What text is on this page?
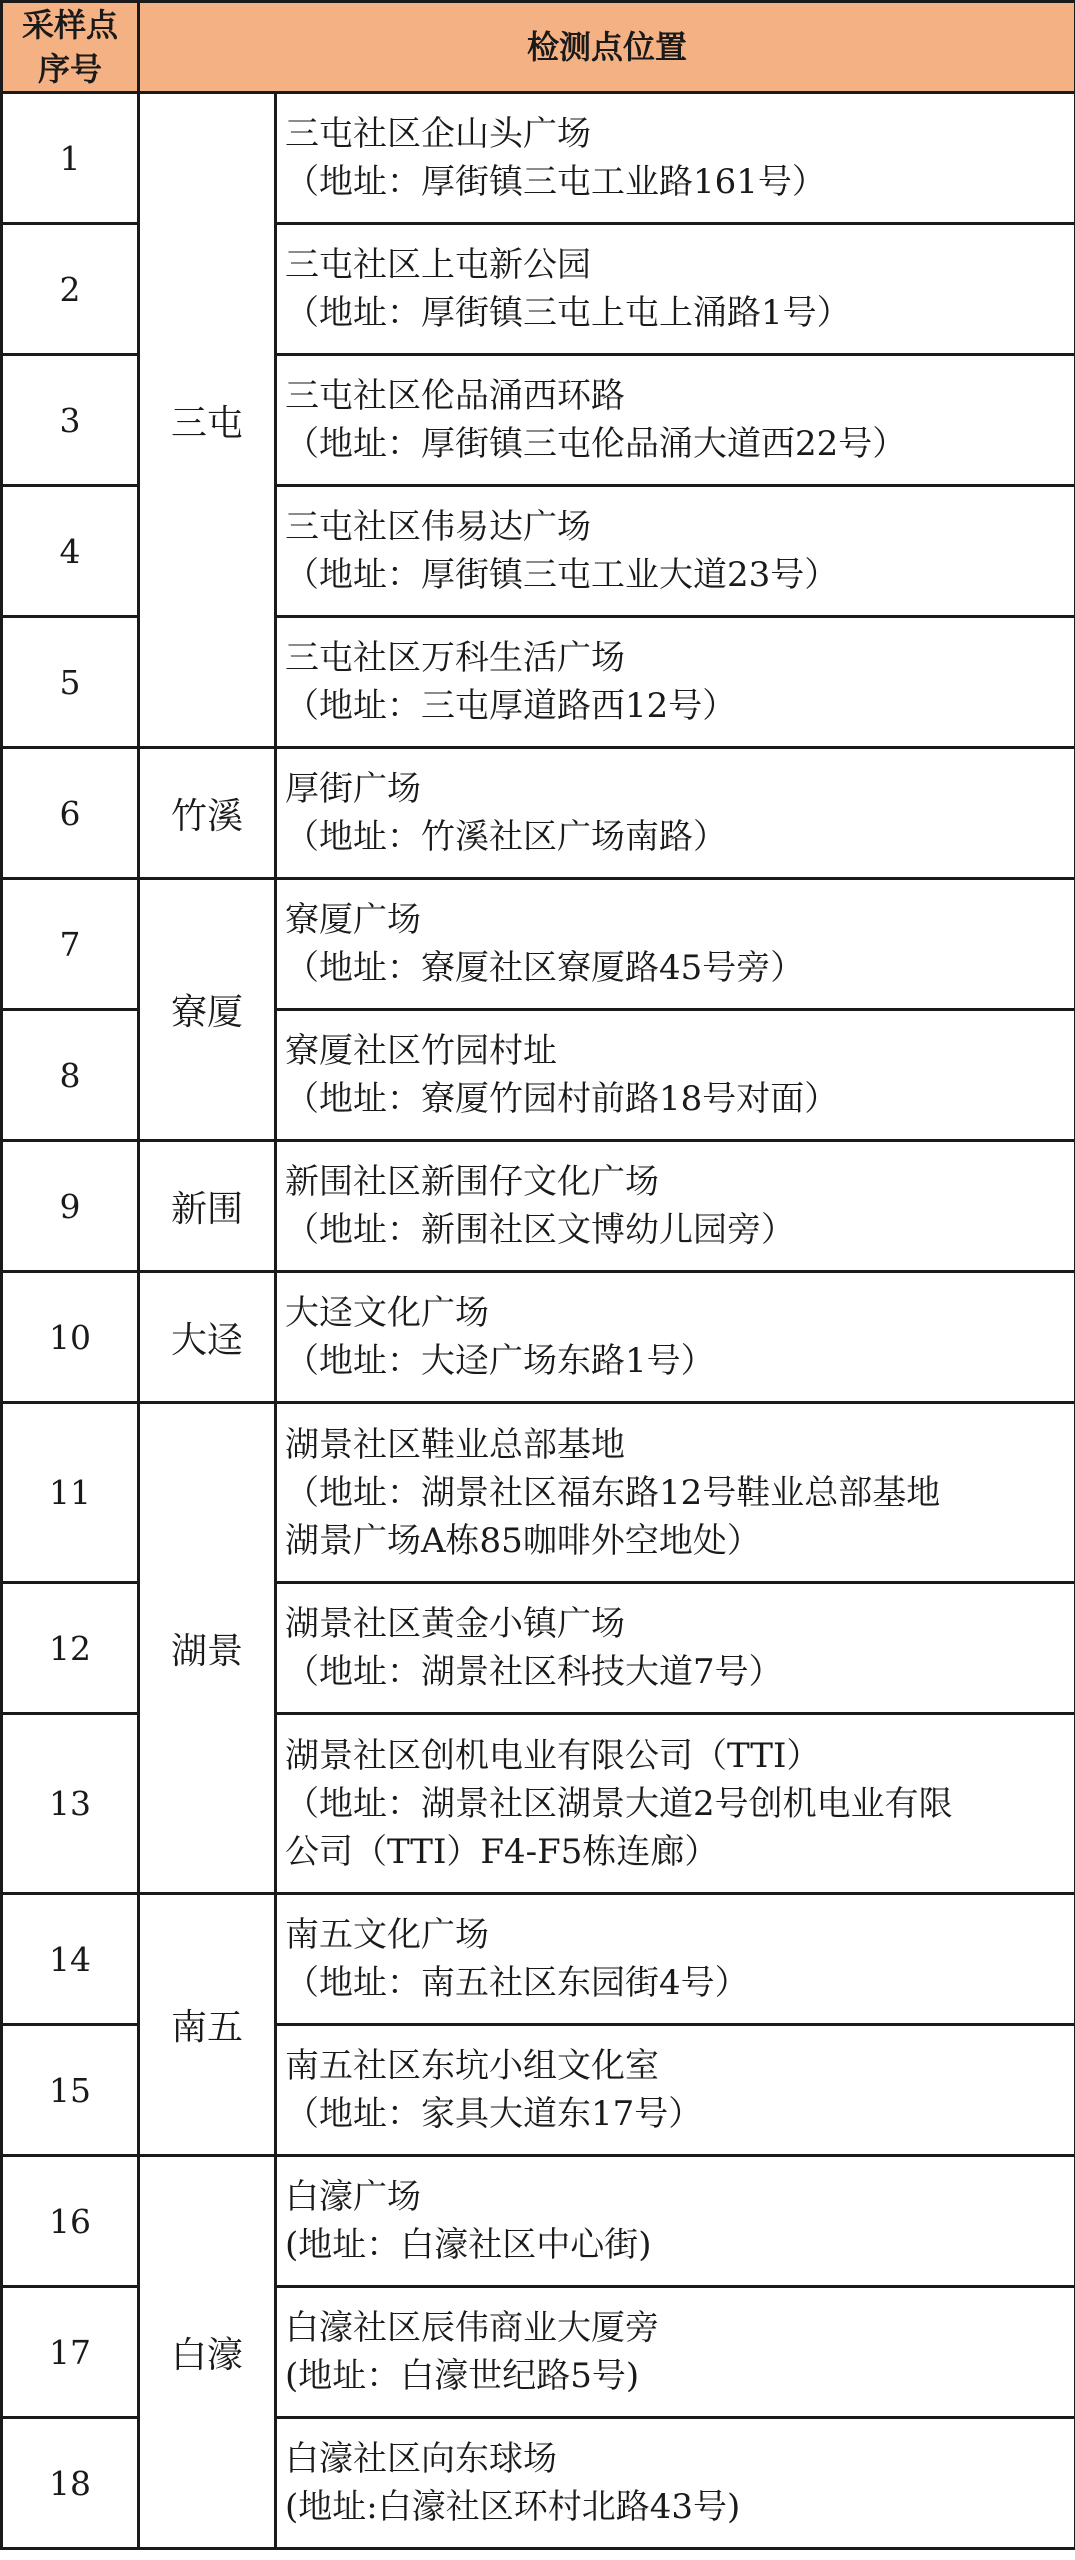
采样点
序号	检测点位置	
1	三屯	三屯社区企山头广场
（地址：厚街镇三屯工业路161号）

2		三屯社区上屯新公园
（地址：厚街镇三屯上屯上涌路1号）

3		三屯社区伦品涌西环路
（地址：厚街镇三屯伦品涌大道西22号）

4		三屯社区伟易达广场
（地址：厚街镇三屯工业大道23号）

5		三屯社区万科生活广场
（地址：三屯厚道路西12号）

6	竹溪	厚街广场
（地址：竹溪社区广场南路）

7	寮厦	寮厦广场
（地址：寮厦社区寮厦路45号旁）

8		寮厦社区竹园村址
（地址：寮厦竹园村前路18号对面）

9	新围	新围社区新围仔文化广场
（地址：新围社区文博幼儿园旁）

10	大迳	大迳文化广场
（地址：大迳广场东路1号）

11	湖景	湖景社区鞋业总部基地
（地址：湖景社区福东路12号鞋业总部基地
湖景广场A栋85咖啡外空地处）

12		湖景社区黄金小镇广场
（地址：湖景社区科技大道7号）

13		湖景社区创机电业有限公司（TTI）
（地址：湖景社区湖景大道2号创机电业有限
公司（TTI）F4-F5栋连廊）

14	南五	南五文化广场
（地址：南五社区东园街4号）

15		南五社区东坑小组文化室
（地址：家具大道东17号）

16	白濠	白濠广场
(地址：白濠社区中心街)

17		白濠社区辰伟商业大厦旁
(地址：白濠世纪路5号)

18		白濠社区向东球场
(地址:白濠社区环村北路43号)
